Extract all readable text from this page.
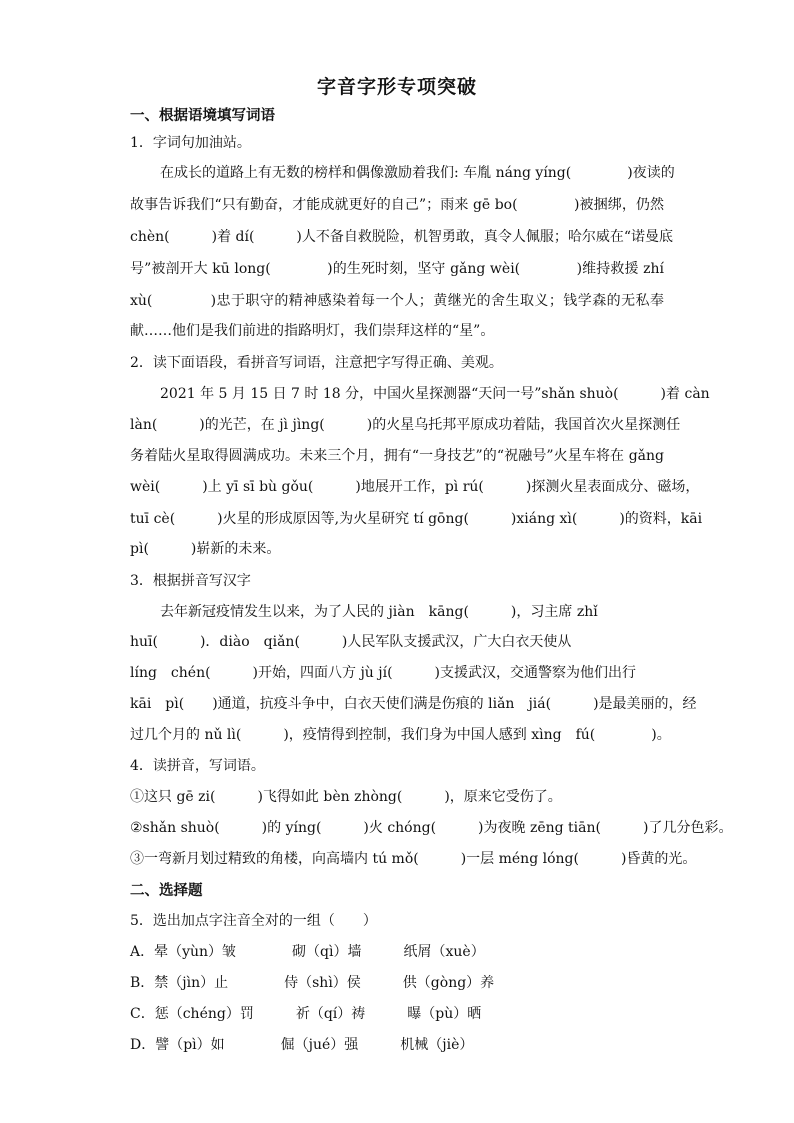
字音字形专项突破
一、根据语境填写词语
1．字词句加油站。
在成长的道路上有无数的榜样和偶像激励着我们: 车胤 náng yíng(　　　　)夜读的
故事告诉我们“只有勤奋，才能成就更好的自己”；雨来 gē bo(　　　　)被捆绑，仍然
chèn(　　　)着 dí(　　　)人不备自救脱险，机智勇敢，真令人佩服；哈尔威在“诺曼底
号”被剖开大 kū long(　　　　)的生死时刻，坚守 gǎng wèi(　　　　)维持救援 zhí
xù(　　　　)忠于职守的精神感染着每一个人；黄继光的舍生取义；钱学森的无私奉
献……他们是我们前进的指路明灯，我们崇拜这样的“星”。
2．读下面语段，看拼音写词语，注意把字写得正确、美观。
2021 年 5 月 15 日 7 时 18 分，中国火星探测器“天问一号”shǎn shuò(　　　)着 càn
làn(　　　)的光芒，在 jì jìng(　　　)的火星乌托邦平原成功着陆，我国首次火星探测任
务着陆火星取得圆满成功。未来三个月，拥有“一身技艺”的“祝融号”火星车将在 gǎng
wèi(　　　)上 yī sī bù gǒu(　　　)地展开工作，pì rú(　　　)探测火星表面成分、磁场，
tuī cè(　　　)火星的形成原因等,为火星研究 tí gōng(　　　)xiáng xì(　　　)的资料，kāi
pì(　　　)崭新的未来。
3．根据拼音写汉字
去年新冠疫情发生以来，为了人民的 jiàn　kāng(　　　)，习主席 zhǐ
huī(　　　)．diào　qiǎn(　　　)人民军队支援武汉，广大白衣天使从
líng　chén(　　　)开始，四面八方 jù jí(　　　)支援武汉，交通警察为他们出行
kāi　pì(　　)通道，抗疫斗争中，白衣天使们满是伤痕的 liǎn　jiá(　　　)是最美丽的，经
过几个月的 nǔ lì(　　　)，疫情得到控制，我们身为中国人感到 xìng　fú(　　　　)。
4．读拼音，写词语。
①这只 gē zi(　　　)飞得如此 bèn zhòng(　　　)，原来它受伤了。
②shǎn shuò(　　　)的 yíng(　　　)火 chóng(　　　)为夜晚 zēng tiān(　　　)了几分色彩。
③一弯新月划过精致的角楼，向高墙内 tú mǒ(　　　)一层 méng lóng(　　　)昏黄的光。
二、选择题
5．选出加点字注音全对的一组（　　）
A．晕（yùn）皱　　　　砌（qì）墙　　　纸屑（xuè）
B．禁（jìn）止　　　　侍（shì）侯　　　供（gòng）养
C．惩（chéng）罚　　　祈（qí）祷　　　曝（pù）晒
D．譬（pì）如　　　　倔（jué）强　　　机械（jiè）
